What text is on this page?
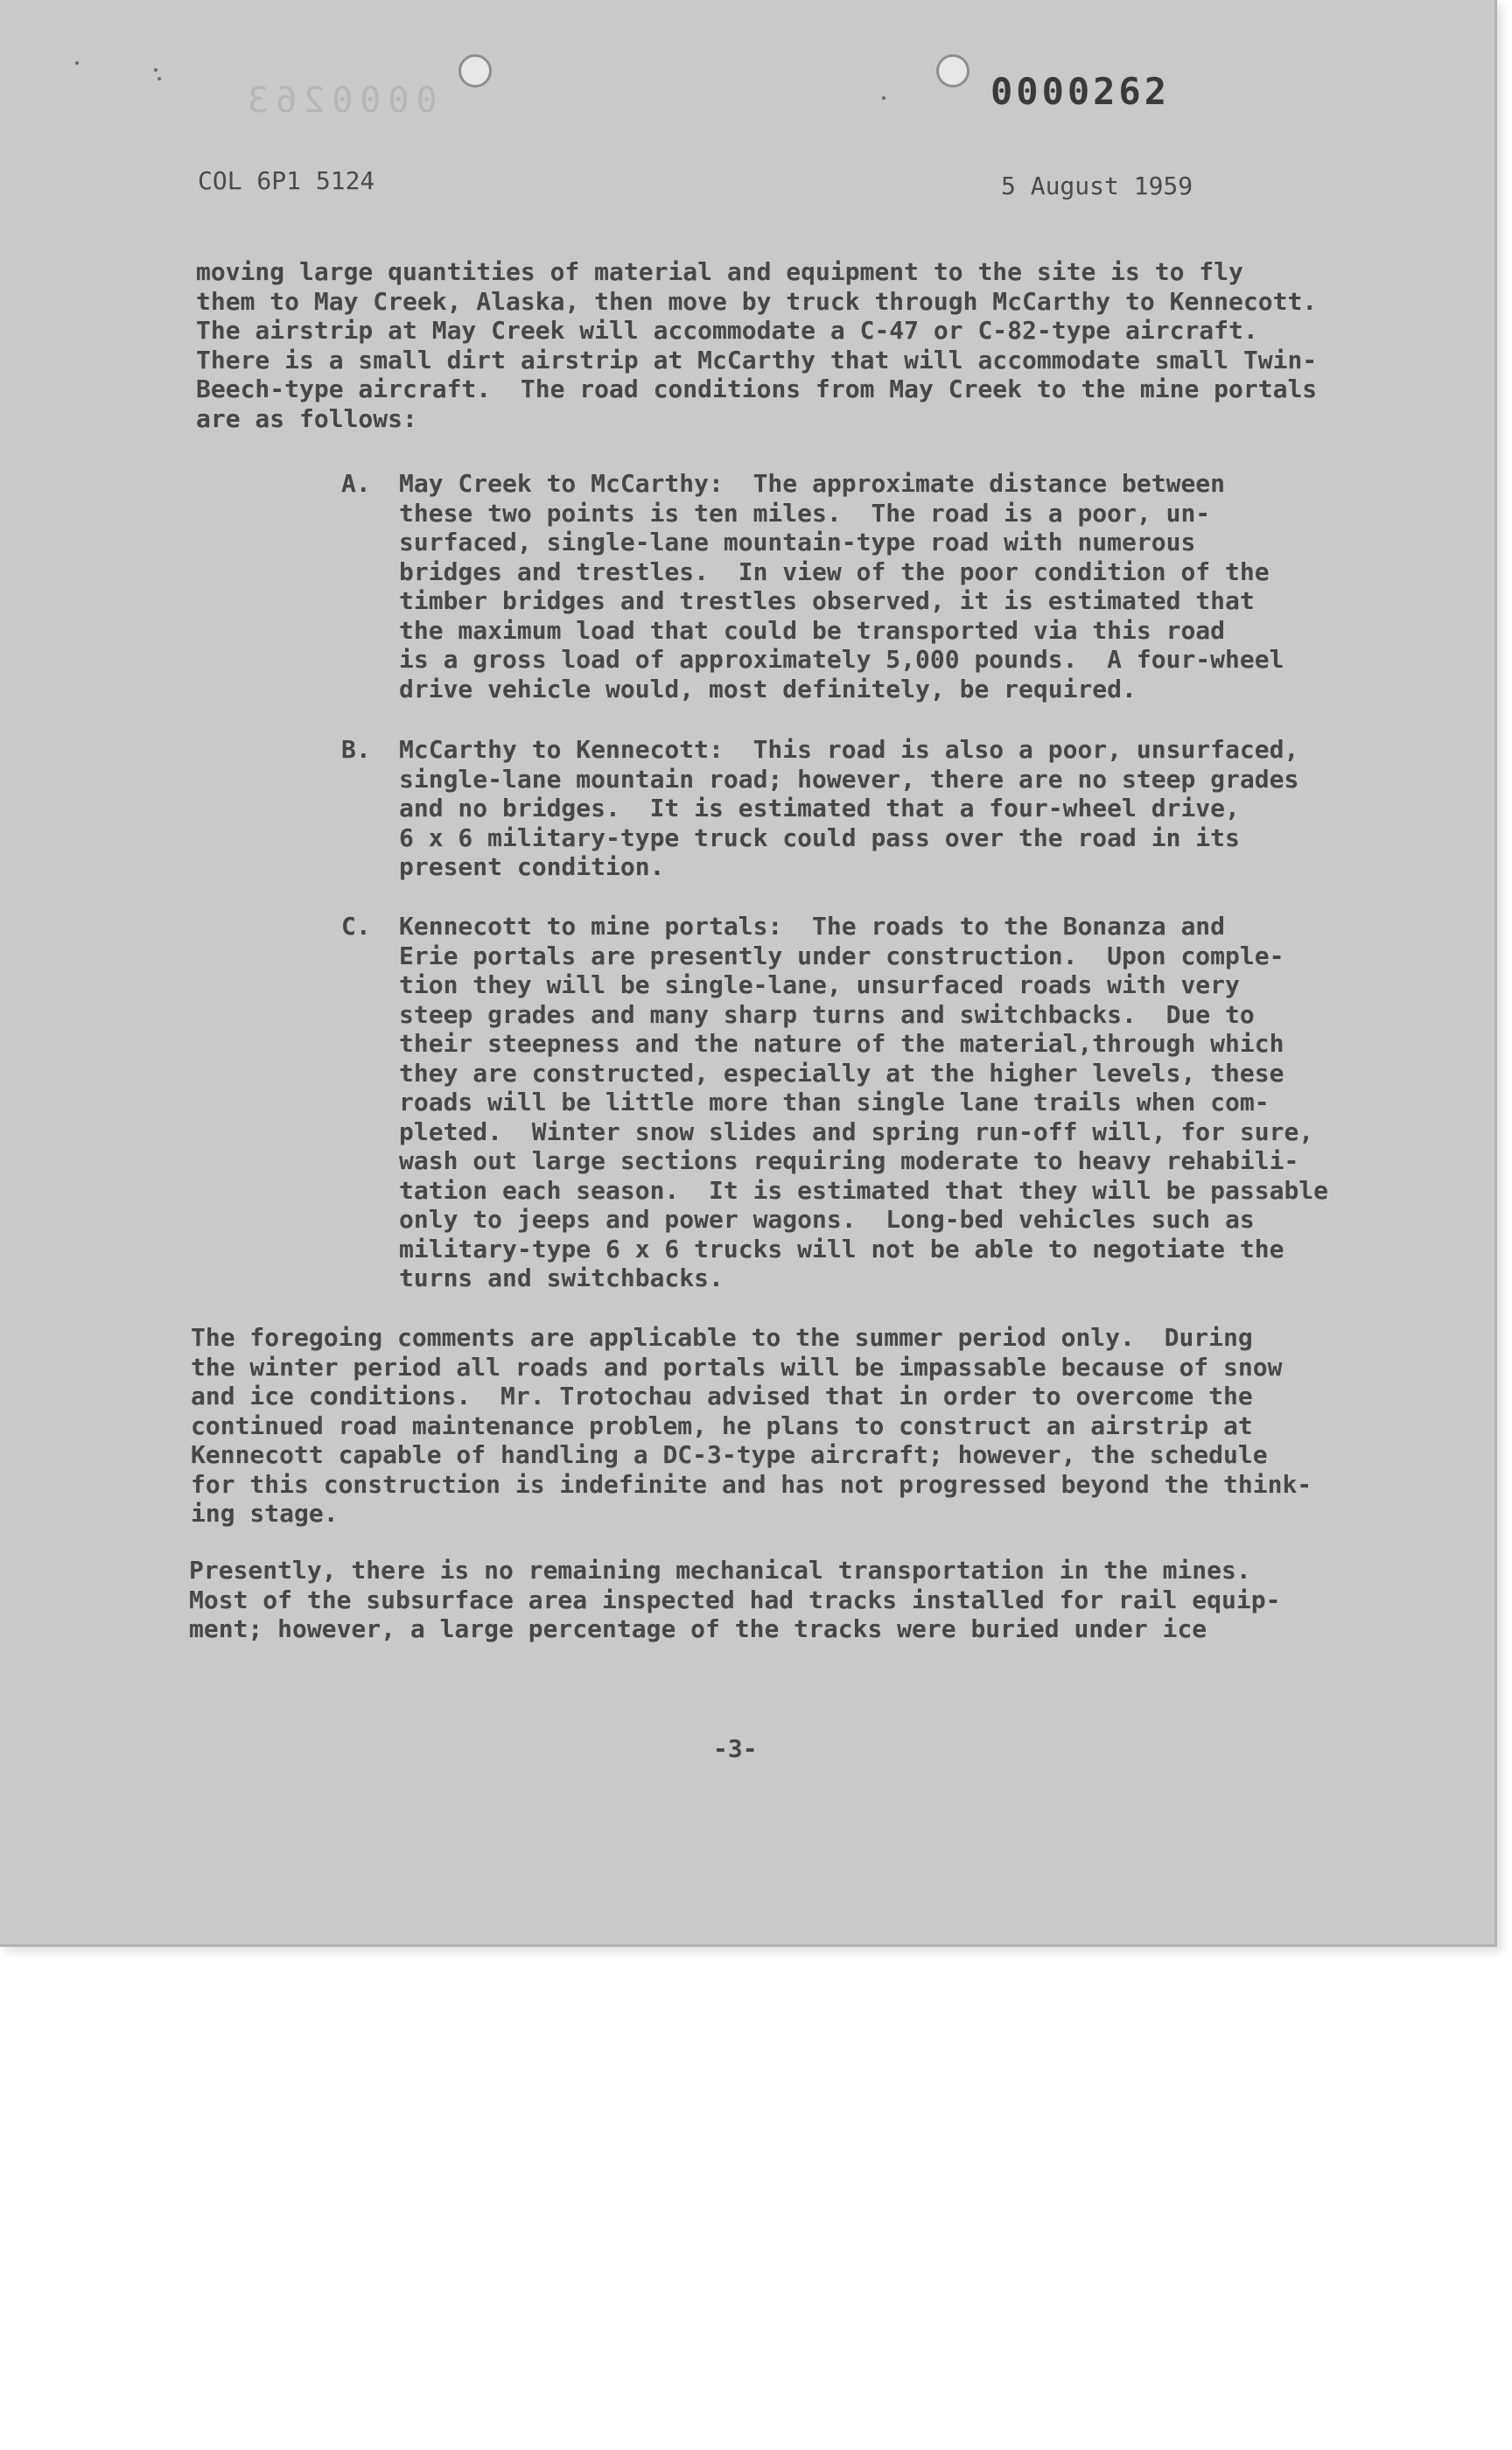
0000263	0000262
COL 6P1 5124	5 August 1959

moving large quantities of material and equipment to the site is to fly
them to May Creek, Alaska, then move by truck through McCarthy to Kennecott.
The airstrip at May Creek will accommodate a C-47 or C-82-type aircraft.
There is a small dirt airstrip at McCarthy that will accommodate small Twin-
Beech-type aircraft.  The road conditions from May Creek to the mine portals
are as follows:

A. May Creek to McCarthy:  The approximate distance between
these two points is ten miles.  The road is a poor, un-
surfaced, single-lane mountain-type road with numerous
bridges and trestles.  In view of the poor condition of the
timber bridges and trestles observed, it is estimated that
the maximum load that could be transported via this road
is a gross load of approximately 5,000 pounds.  A four-wheel
drive vehicle would, most definitely, be required.

B. McCarthy to Kennecott:  This road is also a poor, unsurfaced,
single-lane mountain road; however, there are no steep grades
and no bridges.  It is estimated that a four-wheel drive,
6 x 6 military-type truck could pass over the road in its
present condition.

C. Kennecott to mine portals:  The roads to the Bonanza and
Erie portals are presently under construction.  Upon comple-
tion they will be single-lane, unsurfaced roads with very
steep grades and many sharp turns and switchbacks.  Due to
their steepness and the nature of the material,through which
they are constructed, especially at the higher levels, these
roads will be little more than single lane trails when com-
pleted.  Winter snow slides and spring run-off will, for sure,
wash out large sections requiring moderate to heavy rehabili-
tation each season.  It is estimated that they will be passable
only to jeeps and power wagons.  Long-bed vehicles such as
military-type 6 x 6 trucks will not be able to negotiate the
turns and switchbacks.

The foregoing comments are applicable to the summer period only.  During
the winter period all roads and portals will be impassable because of snow
and ice conditions.  Mr. Trotochau advised that in order to overcome the
continued road maintenance problem, he plans to construct an airstrip at
Kennecott capable of handling a DC-3-type aircraft; however, the schedule
for this construction is indefinite and has not progressed beyond the think-
ing stage.

Presently, there is no remaining mechanical transportation in the mines.
Most of the subsurface area inspected had tracks installed for rail equip-
ment; however, a large percentage of the tracks were buried under ice

-3-
